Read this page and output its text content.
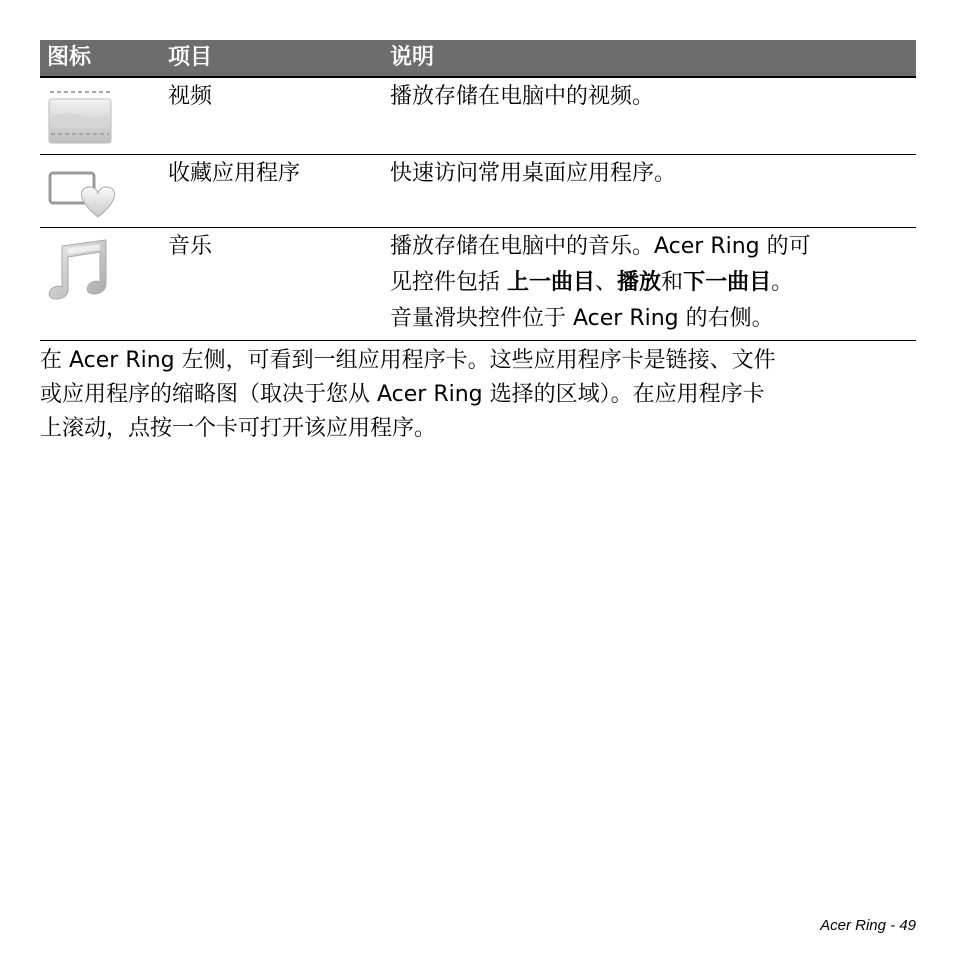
图标	项目	说明
视频	播放存储在电脑中的视频。
收藏应用程序	快速访问常用桌面应用程序。
音乐	播放存储在电脑中的音乐。Acer Ring 的可
见控件包括 上一曲目、播放和下一曲目。
音量滑块控件位于 Acer Ring 的右侧。
在 Acer Ring 左侧，可看到一组应用程序卡。这些应用程序卡是链接、文件
或应用程序的缩略图（取决于您从 Acer Ring 选择的区域）。在应用程序卡
上滚动，点按一个卡可打开该应用程序。
Acer Ring - 49
